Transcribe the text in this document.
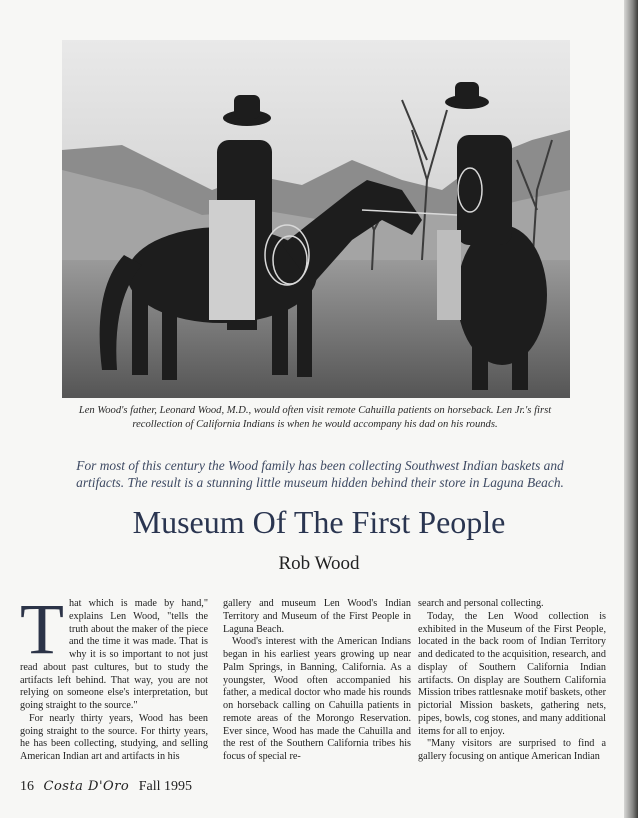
Len Wood's father, Leonard Wood, M.D., would often visit remote Cahuilla patients on horseback. Len Jr.'s first recollection of California Indians is when he would accompany his dad on his rounds.
For most of this century the Wood family has been collecting Southwest Indian baskets and artifacts. The result is a stunning little museum hidden behind their store in Laguna Beach.
Museum Of The First People
Rob Wood
T hat which is made by hand," explains Len Wood, "tells the truth about the maker of the piece and the time it was made. That is why it is so important to not just read about past cultures, but to study the artifacts left behind. That way, you are not relying on someone else's interpretation, but going straight to the source."

For nearly thirty years, Wood has been going straight to the source. For thirty years, he has been collecting, studying, and selling American Indian art and artifacts in his

gallery and museum Len Wood's Indian Territory and Museum of the First People in Laguna Beach.

Wood's interest with the American Indians began in his earliest years growing up near Palm Springs, in Banning, California. As a youngster, Wood often accompanied his father, a medical doctor who made his rounds on horseback calling on Cahuilla patients in remote areas of the Morongo Reservation. Ever since, Wood has made the Cahuilla and the rest of the Southern California tribes his focus of special re-

search and personal collecting.

Today, the Len Wood collection is exhibited in the Museum of the First People, located in the back room of Indian Territory and dedicated to the acquisition, research, and display of Southern California Indian artifacts. On display are Southern California Mission tribes rattlesnake motif baskets, other pictorial Mission baskets, gathering nets, pipes, bowls, cog stones, and many additional items for all to enjoy.

"Many visitors are surprised to find a gallery focusing on antique American Indian

16 Costa D'Oro Fall 1995
